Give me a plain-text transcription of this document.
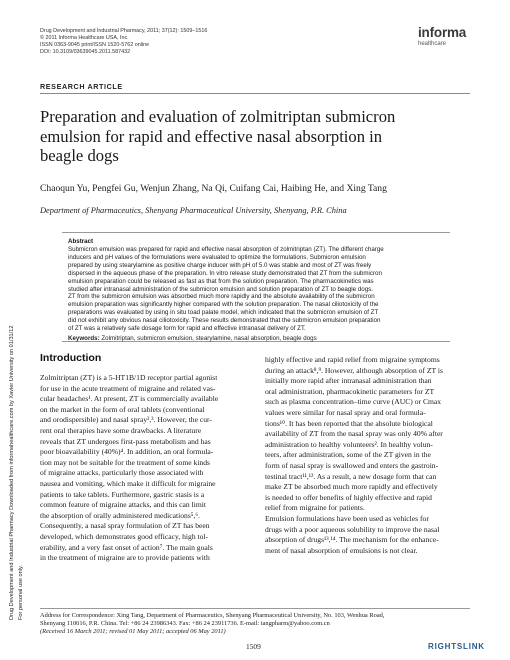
Drug Development and Industrial Pharmacy Downloaded from informahealthcare.com by Xavier University on 01/31/12 For personal use only.
Drug Development and Industrial Pharmacy, 2011; 37(12): 1509–1516
© 2011 Informa Healthcare USA, Inc.
ISSN 0363-9045 print/ISSN 1520-5762 online
DOI: 10.3109/03639045.2011.587432
informa
healthcare
RESEARCH ARTICLE
Preparation and evaluation of zolmitriptan submicron
emulsion for rapid and effective nasal absorption in
beagle dogs
Chaoqun Yu, Pengfei Gu, Wenjun Zhang, Na Qi, Cuifang Cai, Haibing He, and Xing Tang
Department of Pharmaceutics, Shenyang Pharmaceutical University, Shenyang, P.R. China
Abstract
Submicron emulsion was prepared for rapid and effective nasal absorption of zolmitriptan (ZT). The different charge
inducers and pH values of the formulations were evaluated to optimize the formulations. Submicron emulsion
prepared by using stearylamine as positive charge inducer with pH of 5.0 was stable and most of ZT was freely
dispersed in the aqueous phase of the preparation. In vitro release study demonstrated that ZT from the submicron
emulsion preparation could be released as fast as that from the solution preparation. The pharmacokinetics was
studied after intranasal administration of the submicron emulsion and solution preparation of ZT to beagle dogs.
ZT from the submicron emulsion was absorbed much more rapidly and the absolute availability of the submicron
emulsion preparation was significantly higher compared with the solution preparation. The nasal ciliotoxicity of the
preparations was evaluated by using in situ toad palate model, which indicated that the submicron emulsion of ZT
did not exhibit any obvious nasal ciliotoxicity. These results demonstrated that the submicron emulsion preparation
of ZT was a relatively safe dosage form for rapid and effective intranasal delivery of ZT.
Keywords: Zolmitriptan, submicron emulsion, stearylamine, nasal absorption, beagle dogs
Introduction
Zolmitriptan (ZT) is a 5-HT1B/1D receptor partial agonist
for use in the acute treatment of migraine and related vas-
cular headaches¹. At present, ZT is commercially available
on the market in the form of oral tablets (conventional
and orodispersible) and nasal spray²,³. However, the cur-
rent oral therapies have some drawbacks. A literature
reveals that ZT undergoes first-pass metabolism and has
poor bioavailability (40%)⁴. In addition, an oral formula-
tion may not be suitable for the treatment of some kinds
of migraine attacks, particularly those associated with
nausea and vomiting, which make it difficult for migraine
patients to take tablets. Furthermore, gastric stasis is a
common feature of migraine attacks, and this can limit
the absorption of orally administered medications⁵,⁶.
Consequently, a nasal spray formulation of ZT has been
developed, which demonstrates good efficacy, high tol-
erability, and a very fast onset of action⁷. The main goals
in the treatment of migraine are to provide patients with
highly effective and rapid relief from migraine symptoms
during an attack⁸,⁹. However, although absorption of ZT is
initially more rapid after intranasal administration than
oral administration, pharmacokinetic parameters for ZT
such as plasma concentration–time curve (AUC) or Cmax
values were similar for nasal spray and oral formula-
tions¹⁰. It has been reported that the absolute biological
availability of ZT from the nasal spray was only 40% after
administration to healthy volunteers². In healthy volun-
teers, after administration, some of the ZT given in the
form of nasal spray is swallowed and enters the gastroin-
testinal tract¹¹,¹². As a result, a new dosage form that can
make ZT be absorbed much more rapidly and effectively
is needed to offer benefits of highly effective and rapid
relief from migraine for patients.
Emulsion formulations have been used as vehicles for
drugs with a poor aqueous solubility to improve the nasal
absorption of drugs¹³,¹⁴. The mechanism for the enhance-
ment of nasal absorption of emulsions is not clear.
Address for Correspondence: Xing Tang, Department of Pharmaceutics, Shenyang Pharmaceutical University, No. 103, Wenhua Road,
Shenyang 110016, P.R. China. Tel: +86 24 23986343. Fax: +86 24 23911736. E-mail: tangpharm@yahoo.com.cn
(Received 16 March 2011; revised 01 May 2011; accepted 06 May 2011)
1509	RIGHTSLINK
